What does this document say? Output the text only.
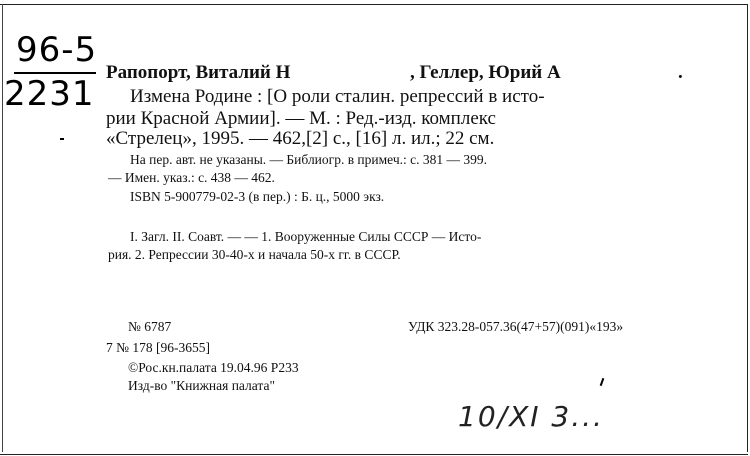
96-5
2231
Рапопорт, Виталий Н	, Геллер, Юрий А	.
Измена Родине : [О роли сталин. репрессий в исто-
рии Красной Армии]. — М. : Ред.-изд. комплекс
«Стрелец», 1995. — 462,[2] с., [16] л. ил.; 22 см.
На пер. авт. не указаны. — Библиогр. в примеч.: с. 381 — 399.
— Имен. указ.: с. 438 — 462.
ISBN 5-900779-02-3 (в пер.) : Б. ц., 5000 экз.
I. Загл. II. Соавт. — — 1. Вооруженные Силы СССР — Исто-
рия. 2. Репрессии 30-40-х и начала 50-х гг. в СССР.
№ 6787	УДК 323.28-057.36(47+57)(091)«193»
7 № 178 [96-3655]
©Рос.кн.палата 19.04.96 Р233
Изд-во "Книжная палата"
10/XI 3...
